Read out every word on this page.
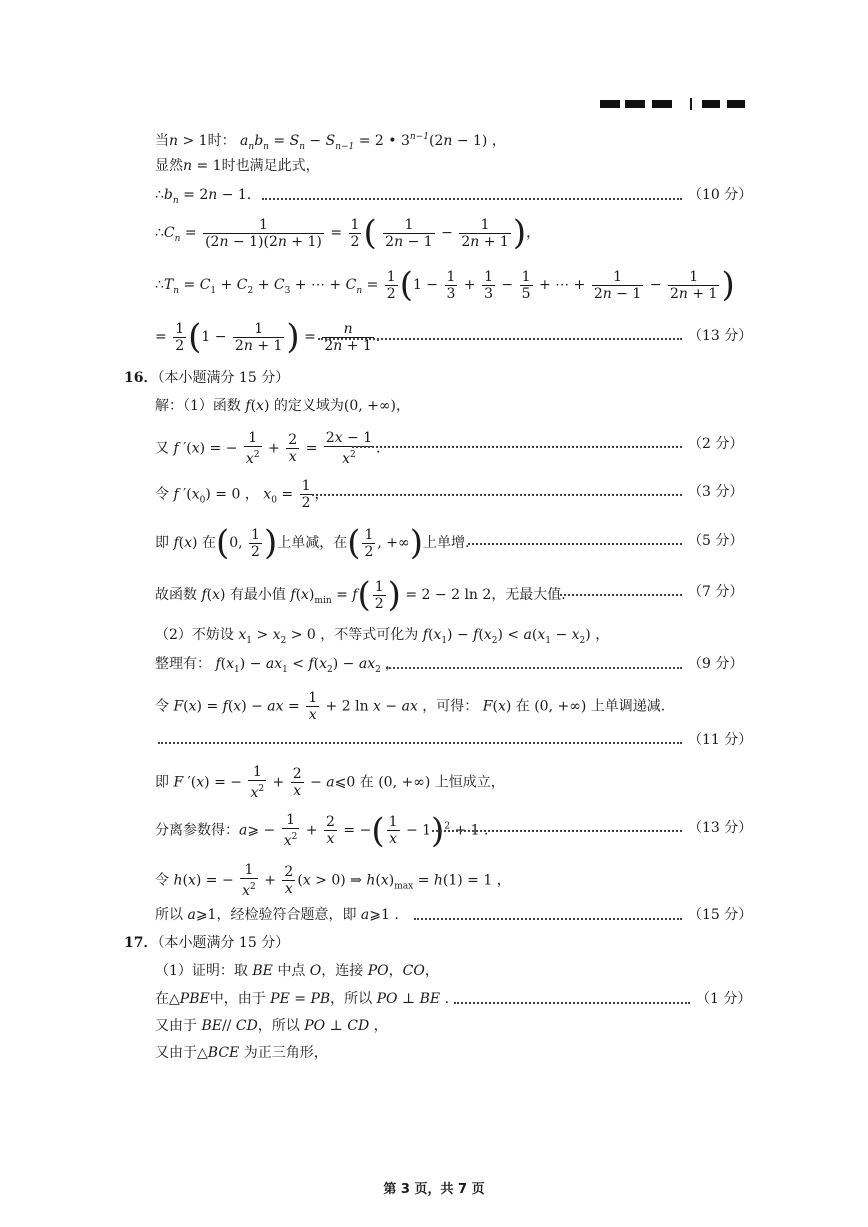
当n > 1时： $a_nb_n = S_n - S_{n-1} = 2$ • $3^{n-1}(2n - 1)$ ，
显然n = 1时也满足此式，
$\therefore b_n = 2n - 1$．	（10 分）
$\therefore C_n = \frac{1}{(2n - 1)(2n + 1)} = \frac{1}{2}$ ( $\frac{1}{2n - 1} - \frac{1}{2n + 1}$ )，
$\therefore T_n = C_1 + C_2 + C_3$ + ⋯ + $C_n = \frac{1}{2} (1 - \frac{1}{3} + \frac{1}{3} - \frac{1}{5}$ + ⋯ + $\frac{1}{2n - 1} - \frac{1}{2n + 1}$ )
= $\frac{1}{2} (1 - \frac{1}{2n + 1}$ ) = $\frac{n}{2n + 1}$ ．	（13 分）
16．（本小题满分 15 分）
解：（1）函数 f(x) 的定义域为(0, +∞)，
又 f ′(x) = − $\frac{1}{x^2} + \frac{2}{x} = \frac{2x - 1}{x^2}$ ．	（2 分）
令 f $'(x_0) = 0$ ， $x_0 = \frac{1}{2}$ ，	（3 分）
即 f(x) 在(0, $\frac{1}{2}$ )上单减，在( $\frac{1}{2}$ , +∞)上单增.	（5 分）
故函数 f(x) 有最小值 $f(x)_{min} = f( \frac{1}{2}$ ) = 2 − 2 ln 2，无最大值.	（7 分）
（2）不妨设 $x_1 > x_2 > 0$ ，不等式可化为 $f(x_1) - f(x_2) < a(x_1 - x_2)$ ，
整理有： $f(x_1) - ax_1 < f(x_2) - ax_2$ ，	（9 分）
令 F(x) = f(x) − ax = $\frac{1}{x} + 2$ ln x − ax ，可得： F(x) 在 (0, +∞) 上单调递减.
（11 分）
即 F ′(x) = − $\frac{1}{x^2} + \frac{2}{x}$ − a⩽0 在 (0, +∞) 上恒成立，
分离参数得：a⩾ − $\frac{1}{x^2} + \frac{2}{x}$ = −( $\frac{1}{x} - 1)^2 + 1$ .	（13 分）
令 h(x) = − $\frac{1}{x^2} + \frac{2}{x} (x > 0)$ ⇒ $h(x)_{max} = h(1) = 1$ ，
所以 a⩾1，经检验符合题意，即 a⩾1 .	（15 分）
17．（本小题满分 15 分）
（1）证明：取 BE 中点 O，连接 PO，CO，
在△PBE中，由于 PE = PB，所以 PO ⊥ BE .	（1 分）
又由于 BE// CD，所以 PO ⊥ CD ，
又由于△BCE 为正三角形，
第 3 页，共 7 页
